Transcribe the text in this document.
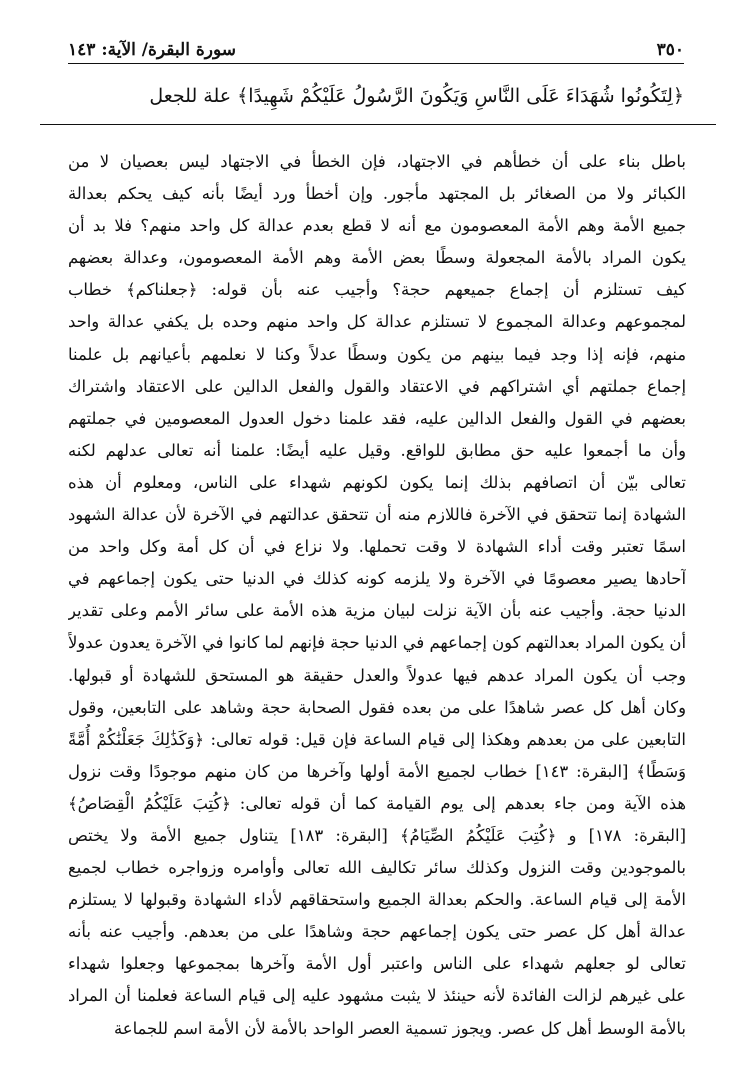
٣٥٠
سورة البقرة/ الآية: ١٤٣
﴿لِتَكُونُوا شُهَدَاءَ عَلَى النَّاسِ وَيَكُونَ الرَّسُولُ عَلَيْكُمْ شَهِيدًا﴾ علة للجعل
باطل بناء على أن خطأهم في الاجتهاد، فإن الخطأ في الاجتهاد ليس بعصيان لا من
الكبائر ولا من الصغائر بل المجتهد مأجور. وإن أخطأ ورد أيضًا بأنه كيف يحكم بعدالة
جميع الأمة وهم الأمة المعصومون مع أنه لا قطع بعدم عدالة كل واحد منهم؟ فلا بد أن
يكون المراد بالأمة المجعولة وسطًا بعض الأمة وهم الأمة المعصومون، وعدالة بعضهم
كيف تستلزم أن إجماع جميعهم حجة؟ وأجيب عنه بأن قوله: ﴿جعلناكم﴾ خطاب
لمجموعهم وعدالة المجموع لا تستلزم عدالة كل واحد منهم وحده بل يكفي عدالة واحد
منهم، فإنه إذا وجد فيما بينهم من يكون وسطًا عدلاً وكنا لا نعلمهم بأعيانهم بل علمنا
إجماع جملتهم أي اشتراكهم في الاعتقاد والقول والفعل الدالين على الاعتقاد واشتراك
بعضهم في القول والفعل الدالين عليه، فقد علمنا دخول العدول المعصومين في جملتهم
وأن ما أجمعوا عليه حق مطابق للواقع. وقيل عليه أيضًا: علمنا أنه تعالى عدلهم لكنه
تعالى بيّن أن اتصافهم بذلك إنما يكون لكونهم شهداء على الناس، ومعلوم أن هذه
الشهادة إنما تتحقق في الآخرة فاللازم منه أن تتحقق عدالتهم في الآخرة لأن عدالة الشهود
اسمًا تعتبر وقت أداء الشهادة لا وقت تحملها. ولا نزاع في أن كل أمة وكل واحد من
آحادها يصير معصومًا في الآخرة ولا يلزمه كونه كذلك في الدنيا حتى يكون إجماعهم في
الدنيا حجة. وأجيب عنه بأن الآية نزلت لبيان مزية هذه الأمة على سائر الأمم وعلى تقدير
أن يكون المراد بعدالتهم كون إجماعهم في الدنيا حجة فإنهم لما كانوا في الآخرة يعدون عدولاً
وجب أن يكون المراد عدهم فيها عدولاً والعدل حقيقة هو المستحق للشهادة أو قبولها.
وكان أهل كل عصر شاهدًا على من بعده فقول الصحابة حجة وشاهد على التابعين، وقول
التابعين على من بعدهم وهكذا إلى قيام الساعة فإن قيل: قوله تعالى: ﴿وَكَذَٰلِكَ جَعَلْنَٰكُمْ أُمَّةً
وَسَطًا﴾ [البقرة: ١٤٣] خطاب لجميع الأمة أولها وآخرها من كان منهم موجودًا وقت نزول
هذه الآية ومن جاء بعدهم إلى يوم القيامة كما أن قوله تعالى: ﴿كُتِبَ عَلَيْكُمُ الْقِصَاصُ﴾
[البقرة: ١٧٨] و ﴿كُتِبَ عَلَيْكُمُ الصِّيَامُ﴾ [البقرة: ١٨٣] يتناول جميع الأمة ولا يختص
بالموجودين وقت النزول وكذلك سائر تكاليف الله تعالى وأوامره وزواجره خطاب لجميع
الأمة إلى قيام الساعة. والحكم بعدالة الجميع واستحقاقهم لأداء الشهادة وقبولها لا يستلزم
عدالة أهل كل عصر حتى يكون إجماعهم حجة وشاهدًا على من بعدهم. وأجيب عنه بأنه
تعالى لو جعلهم شهداء على الناس واعتبر أول الأمة وآخرها بمجموعها وجعلوا شهداء
على غيرهم لزالت الفائدة لأنه حينئذ لا يثبت مشهود عليه إلى قيام الساعة فعلمنا أن المراد
بالأمة الوسط أهل كل عصر. ويجوز تسمية العصر الواحد بالأمة لأن الأمة اسم للجماعة
